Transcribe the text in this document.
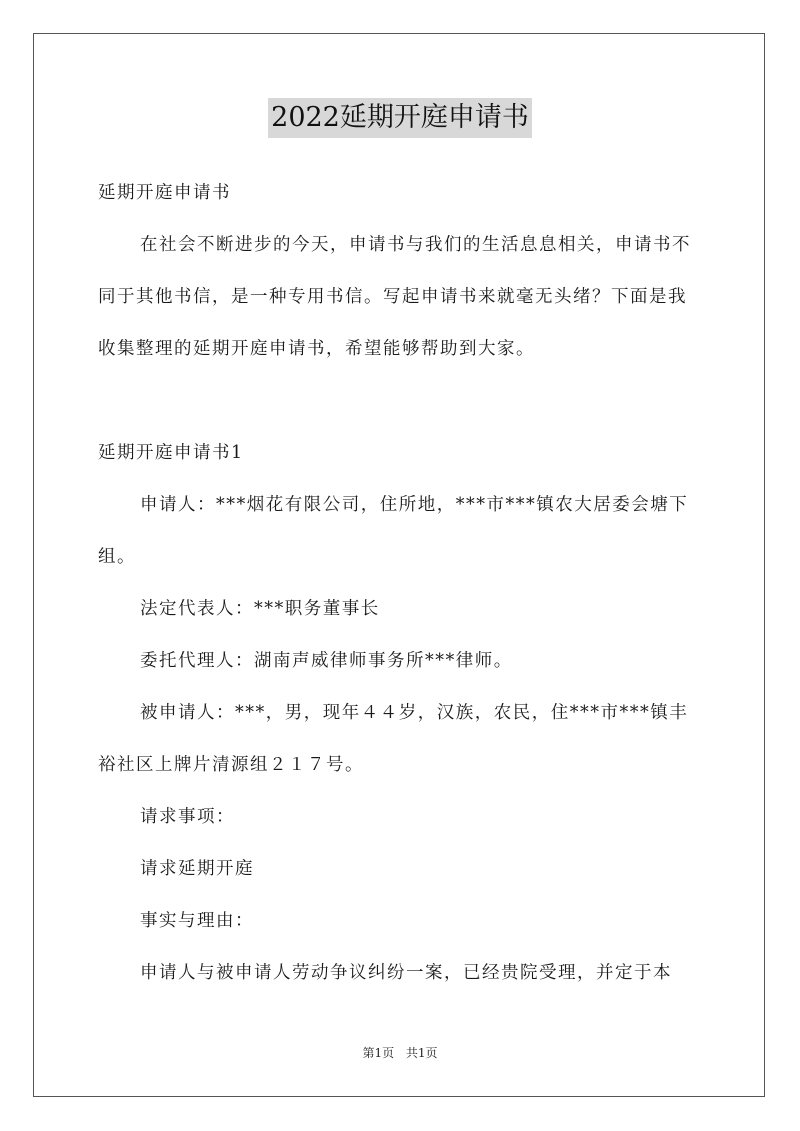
2022延期开庭申请书

延期开庭申请书

在社会不断进步的今天，申请书与我们的生活息息相关，申请书不同于其他书信，是一种专用书信。写起申请书来就毫无头绪？下面是我收集整理的延期开庭申请书，希望能够帮助到大家。

延期开庭申请书1

申请人：***烟花有限公司，住所地，***市***镇农大居委会塘下组。

法定代表人：***职务董事长

委托代理人：湖南声威律师事务所***律师。

被申请人：***，男，现年４４岁，汉族，农民，住***市***镇丰裕社区上牌片清源组２１７号。

请求事项：

请求延期开庭

事实与理由：

申请人与被申请人劳动争议纠纷一案，已经贵院受理，并定于本

第1页 共1页
